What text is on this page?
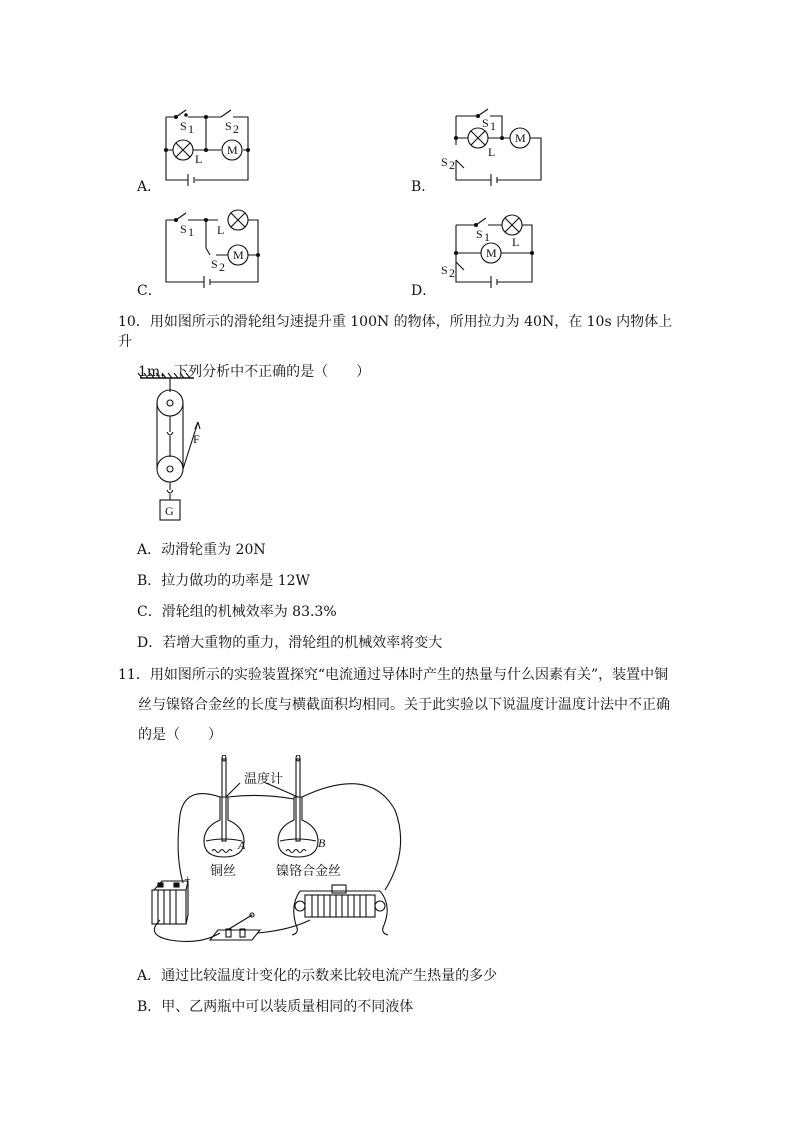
S 1	S 2
L
M
S 1
L
M
S 2
S 1 L
S 2
M
S 1 L
M
S 2
A．	B．
C．	D．
10．用如图所示的滑轮组匀速提升重 100N 的物体，所用拉力为 40N，在 10s 内物体上升
1m，下列分析中不正确的是（　　）
F
G
A．动滑轮重为 20N
B．拉力做功的功率是 12W
C．滑轮组的机械效率为 83.3%
D．若增大重物的重力，滑轮组的机械效率将变大
11．用如图所示的实验装置探究“电流通过导体时产生的热量与什么因素有关”，装置中铜
丝与镍铬合金丝的长度与横截面积均相同。关于此实验以下说温度计温度计法中不正确
的是（　　）
温度计
A	B
铜丝	镍铬合金丝
+
A．通过比较温度计变化的示数来比较电流产生热量的多少
B．甲、乙两瓶中可以装质量相同的不同液体
